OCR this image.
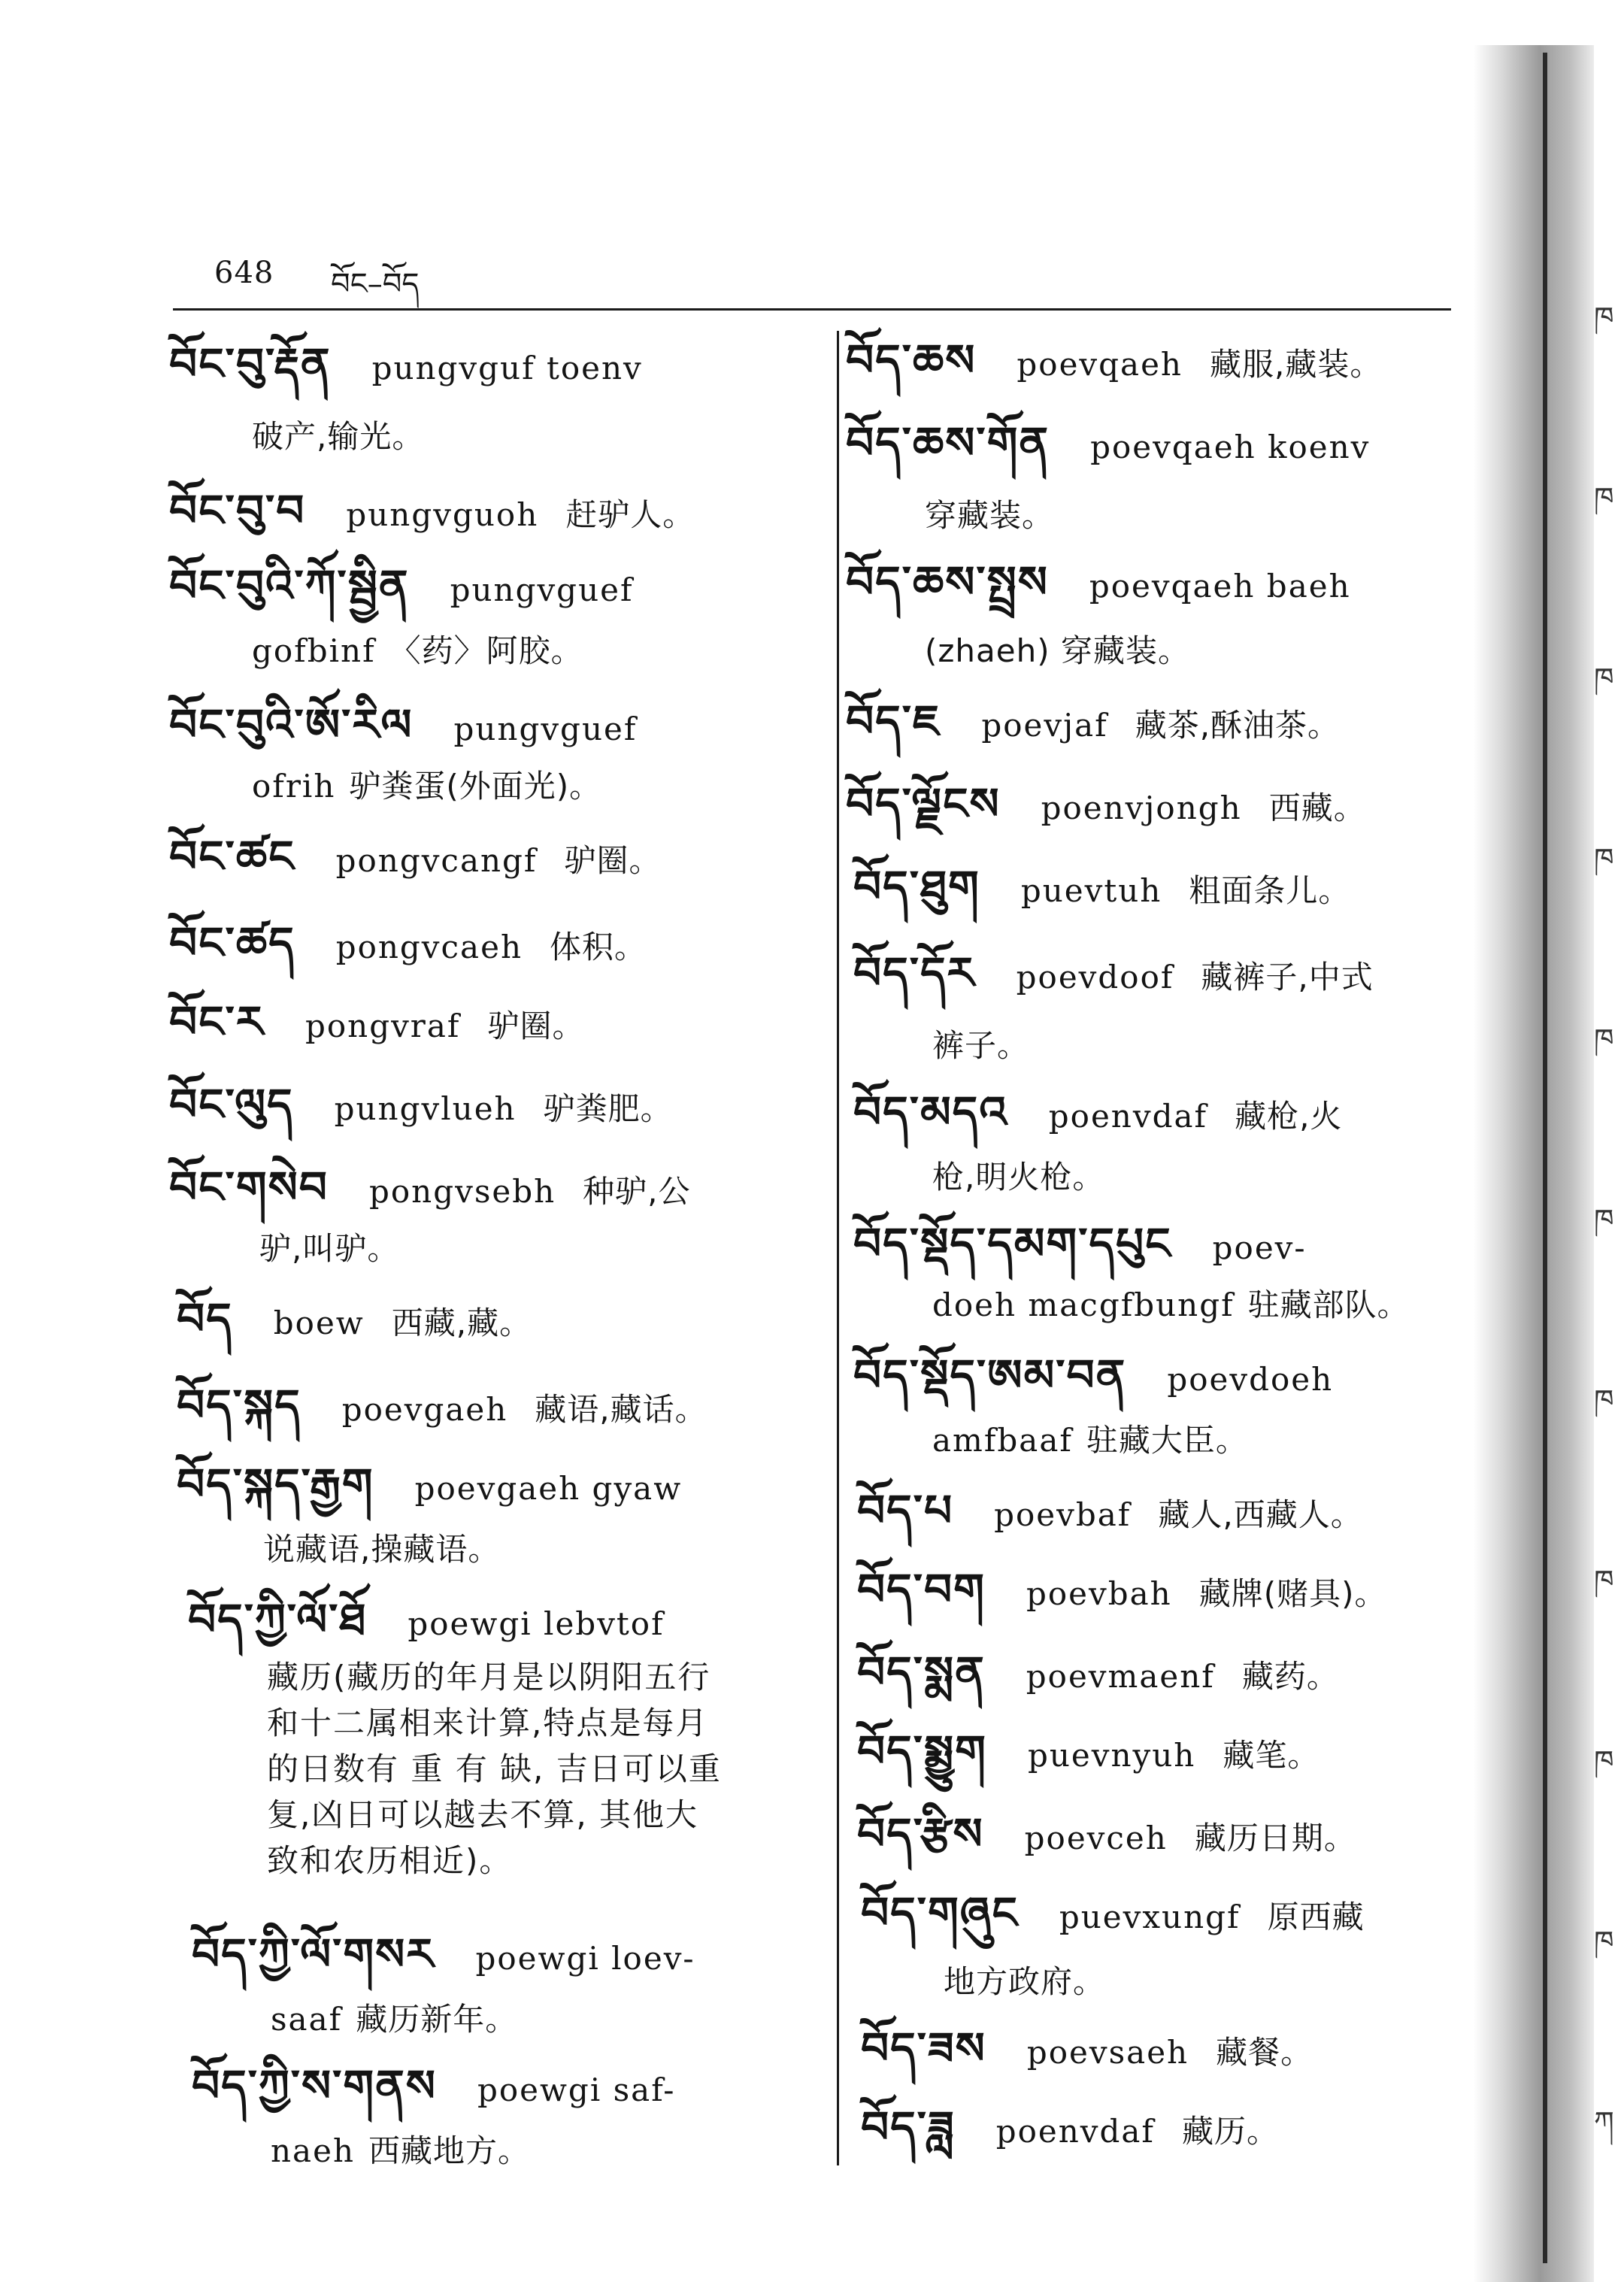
648 བོང–བོད
ཁ
ཁ
ཁ
ཁ
ཁ
ཁ
ཁ
ཁ
ཁ
ཁ
ཀ
བོང་བུ་རྡོན pungvguf toenv
破产,输光。
བོང་བུ་བ pungvguoh 赶驴人。
བོང་བུའི་ཀོ་སྦྱིན pungvguef
gofbinf 〈药〉阿胶。
བོང་བུའི་ཨོ་རིལ pungvguef
ofrih 驴粪蛋(外面光)。
བོང་ཚང pongvcangf 驴圈。
བོང་ཚད pongvcaeh 体积。
བོང་ར pongvraf 驴圈。
བོང་ལུད pungvlueh 驴粪肥。
བོང་གསེབ pongvsebh 种驴,公
驴,叫驴。
བོད boew 西藏,藏。
བོད་སྐད poevgaeh 藏语,藏话。
བོད་སྐད་རྒྱག poevgaeh gyaw
说藏语,操藏语。
བོད་ཀྱི་ལོ་ཐོ poewgi lebvtof
藏历(藏历的年月是以阴阳五行
和十二属相来计算,特点是每月
的日数有 重 有 缺, 吉日可以重
复,凶日可以越去不算, 其他大
致和农历相近)。
བོད་ཀྱི་ལོ་གསར poewgi loev-
saaf 藏历新年。
བོད་ཀྱི་ས་གནས poewgi saf-
naeh 西藏地方。
བོད་ཆས poevqaeh 藏服,藏装。
བོད་ཆས་གོན poevqaeh koenv
穿藏装。
བོད་ཆས་སྤྲས poevqaeh baeh
(zhaeh) 穿藏装。
བོད་ཇ poevjaf 藏茶,酥油茶。
བོད་ལྗོངས poenvjongh 西藏。
བོད་ཐུག puevtuh 粗面条儿。
བོད་དོར poevdoof 藏裤子,中式
裤子。
བོད་མདའ poenvdaf 藏枪,火
枪,明火枪。
བོད་སྡོད་དམག་དཔུང poev-
doeh macgfbungf 驻藏部队。
བོད་སྡོད་ཨམ་བན poevdoeh
amfbaaf 驻藏大臣。
བོད་པ poevbaf 藏人,西藏人。
བོད་བག poevbah 藏牌(赌具)。
བོད་སྨན poevmaenf 藏药。
བོད་སྨྱུག puevnyuh 藏笔。
བོད་རྩིས poevceh 藏历日期。
བོད་གཞུང puevxungf 原西藏
地方政府。
བོད་ཟས poevsaeh 藏餐。
བོད་ཟླ poenvdaf 藏历。
